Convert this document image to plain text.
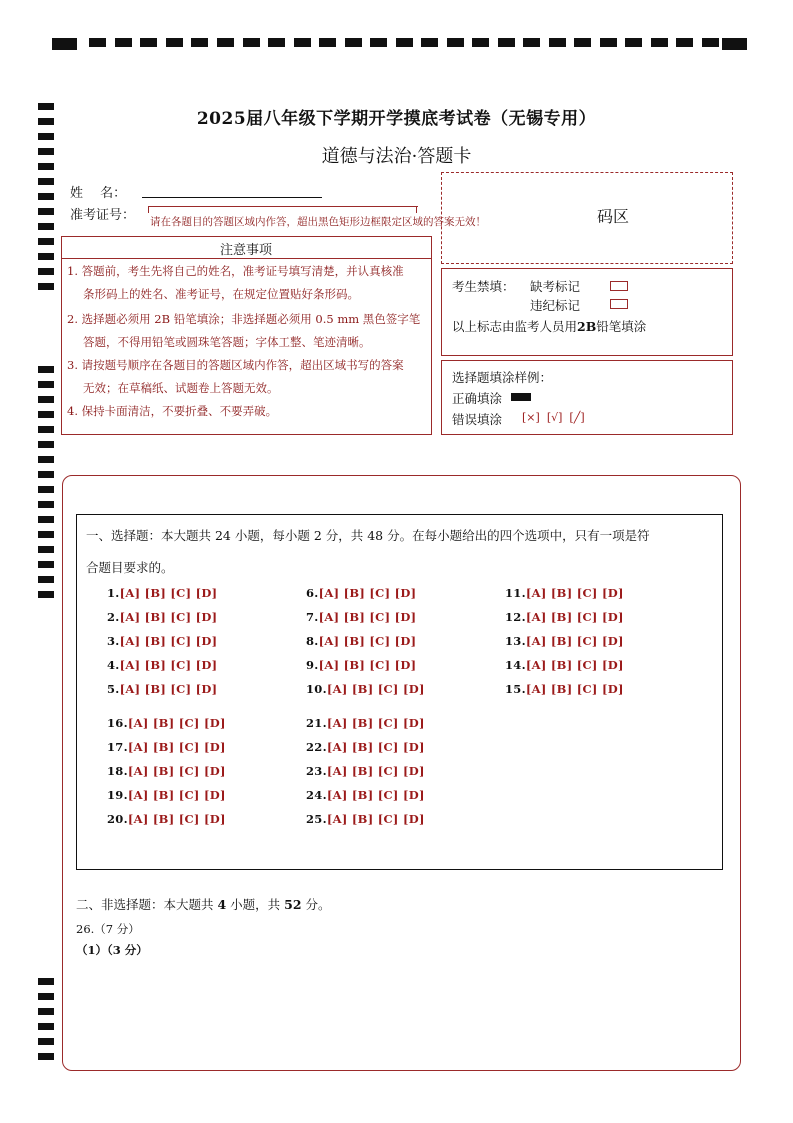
2025届八年级下学期开学摸底考试卷（无锡专用）
道德与法治·答题卡
姓　 名：
准考证号： 请在各题目的答题区域内作答，超出黑色矩形边框限定区域的答案无效！	码区
注意事项
1. 答题前，考生先将自己的姓名，准考证号填写清楚，并认真核准
条形码上的姓名、准考证号，在规定位置贴好条形码。
2. 选择题必须用 2B 铅笔填涂；非选择题必须用 0.5 mm 黑色签字笔
答题，不得用铅笔或圆珠笔答题；字体工整、笔迹清晰。
3. 请按题号顺序在各题目的答题区域内作答，超出区域书写的答案
无效；在草稿纸、试题卷上答题无效。
4. 保持卡面清洁，不要折叠、不要弄破。
考生禁填： 缺考标记
违纪标记
以上标志由监考人员用2B铅笔填涂
选择题填涂样例：
正确填涂
错误填涂 [×] [√] [╱]
一、选择题：本大题共 24 小题，每小题 2 分，共 48 分。在每小题给出的四个选项中，只有一项是符
合题目要求的。
1.[A] [B] [C] [D]
2.[A] [B] [C] [D]
3.[A] [B] [C] [D]
4.[A] [B] [C] [D]
5.[A] [B] [C] [D]
6.[A] [B] [C] [D]
7.[A] [B] [C] [D]
8.[A] [B] [C] [D]
9.[A] [B] [C] [D]
10.[A] [B] [C] [D]
11.[A] [B] [C] [D]
12.[A] [B] [C] [D]
13.[A] [B] [C] [D]
14.[A] [B] [C] [D]
15.[A] [B] [C] [D]
16.[A] [B] [C] [D]
17.[A] [B] [C] [D]
18.[A] [B] [C] [D]
19.[A] [B] [C] [D]
20.[A] [B] [C] [D]
21.[A] [B] [C] [D]
22.[A] [B] [C] [D]
23.[A] [B] [C] [D]
24.[A] [B] [C] [D]
25.[A] [B] [C] [D]
二、非选择题：本大题共 4 小题，共 52 分。
26.（7 分）
（1）（3 分）
